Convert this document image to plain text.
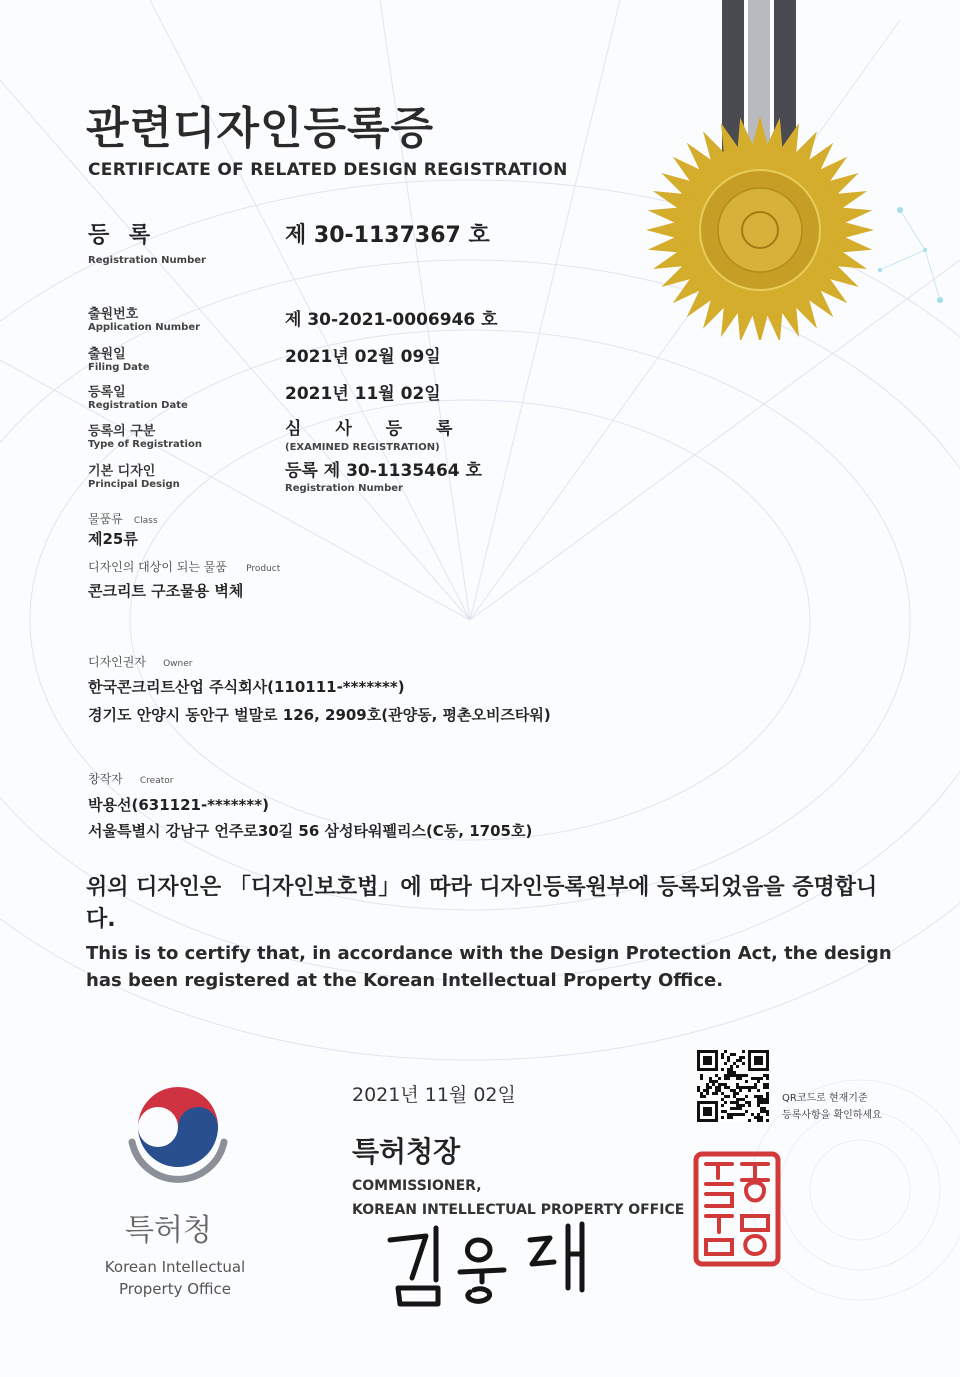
관련디자인등록증
CERTIFICATE OF RELATED DESIGN REGISTRATION
등 록
Registration Number
제 30-1137367 호
출원번호
Application Number	제 30-2021-0006946 호
출원일
Filing Date
2021년 02월 09일
등록일
Registration Date
2021년 11월 02일
등록의 구분
Type of Registration
심 사 등 록
(EXAMINED REGISTRATION)
기본 디자인
Principal Design
등록 제 30-1135464 호
Registration Number
물품류 Class
제25류
디자인의 대상이 되는 물품 Product
콘크리트 구조물용 벽체
디자인권자 Owner
한국콘크리트산업 주식회사(110111-*******)
경기도 안양시 동안구 벌말로 126, 2909호(관양동, 평촌오비즈타워)
창작자 Creator
박용선(631121-*******)
서울특별시 강남구 언주로30길 56 삼성타워펠리스(C동, 1705호)
위의 디자인은 「디자인보호법」에 따라 디자인등록원부에 등록되었음을 증명합니다.
This is to certify that, in accordance with the Design Protection Act, the design has been registered at the Korean Intellectual Property Office.
특허청
Korean Intellectual Property Office
2021년 11월 02일
특허청장
COMMISSIONER,
KOREAN INTELLECTUAL PROPERTY OFFICE
QR코드로 현재기준
등록사항을 확인하세요
